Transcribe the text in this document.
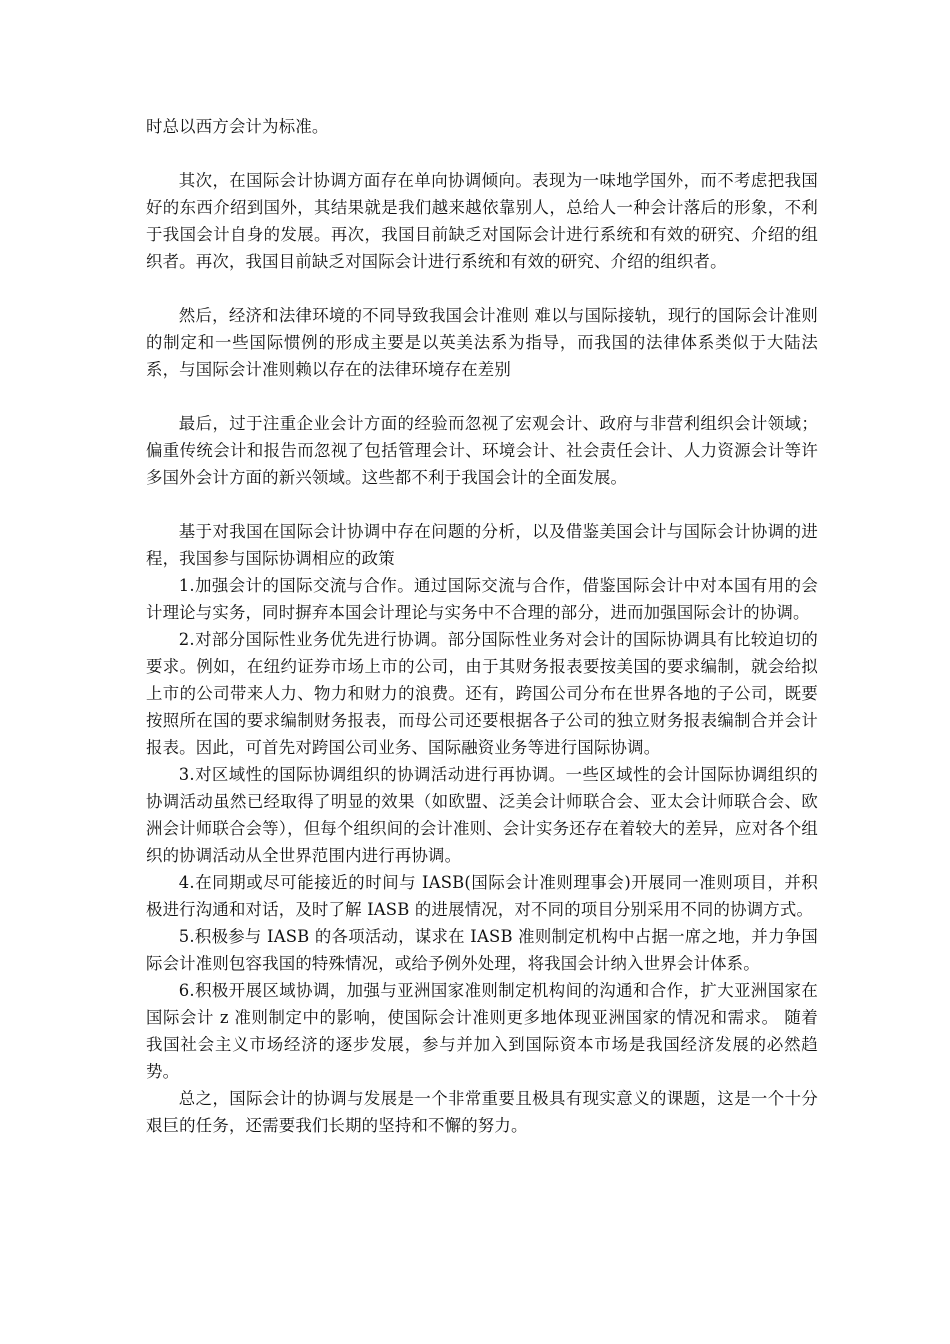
时总以西方会计为标准。

其次，在国际会计协调方面存在单向协调倾向。表现为一味地学国外，而不考虑把我国好的东西介绍到国外，其结果就是我们越来越依靠别人，总给人一种会计落后的形象，不利于我国会计自身的发展。再次，我国目前缺乏对国际会计进行系统和有效的研究、介绍的组织者。再次，我国目前缺乏对国际会计进行系统和有效的研究、介绍的组织者。

然后，经济和法律环境的不同导致我国会计准则 难以与国际接轨，现行的国际会计准则的制定和一些国际惯例的形成主要是以英美法系为指导，而我国的法律体系类似于大陆法系，与国际会计准则赖以存在的法律环境存在差别

最后，过于注重企业会计方面的经验而忽视了宏观会计、政府与非营利组织会计领域；偏重传统会计和报告而忽视了包括管理会计、环境会计、社会责任会计、人力资源会计等许多国外会计方面的新兴领域。这些都不利于我国会计的全面发展。

基于对我国在国际会计协调中存在问题的分析，以及借鉴美国会计与国际会计协调的进程，我国参与国际协调相应的政策

1.加强会计的国际交流与合作。通过国际交流与合作，借鉴国际会计中对本国有用的会计理论与实务，同时摒弃本国会计理论与实务中不合理的部分，进而加强国际会计的协调。

2.对部分国际性业务优先进行协调。部分国际性业务对会计的国际协调具有比较迫切的要求。例如，在纽约证券市场上市的公司，由于其财务报表要按美国的要求编制，就会给拟上市的公司带来人力、物力和财力的浪费。还有，跨国公司分布在世界各地的子公司，既要按照所在国的要求编制财务报表，而母公司还要根据各子公司的独立财务报表编制合并会计报表。因此，可首先对跨国公司业务、国际融资业务等进行国际协调。

3.对区域性的国际协调组织的协调活动进行再协调。一些区域性的会计国际协调组织的协调活动虽然已经取得了明显的效果（如欧盟、泛美会计师联合会、亚太会计师联合会、欧洲会计师联合会等），但每个组织间的会计准则、会计实务还存在着较大的差异，应对各个组织的协调活动从全世界范围内进行再协调。

4.在同期或尽可能接近的时间与 IASB(国际会计准则理事会)开展同一准则项目，并积极进行沟通和对话，及时了解 IASB 的进展情况，对不同的项目分别采用不同的协调方式。

5.积极参与 IASB 的各项活动，谋求在 IASB 准则制定机构中占据一席之地，并力争国际会计准则包容我国的特殊情况，或给予例外处理，将我国会计纳入世界会计体系。

6.积极开展区域协调，加强与亚洲国家准则制定机构间的沟通和合作，扩大亚洲国家在国际会计 z 准则制定中的影响，使国际会计准则更多地体现亚洲国家的情况和需求。 随着我国社会主义市场经济的逐步发展，参与并加入到国际资本市场是我国经济发展的必然趋势。

总之，国际会计的协调与发展是一个非常重要且极具有现实意义的课题，这是一个十分艰巨的任务，还需要我们长期的坚持和不懈的努力。
